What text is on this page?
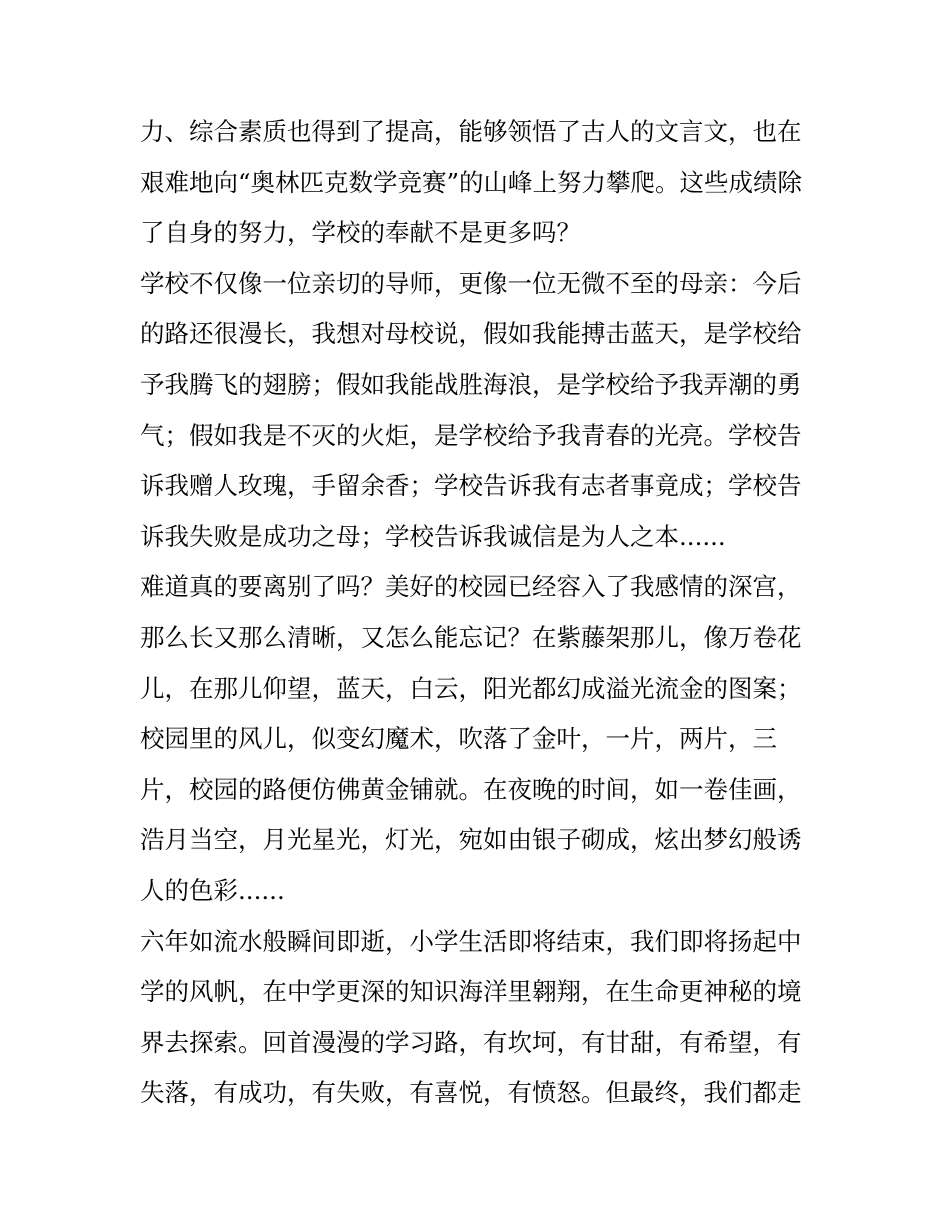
力、综合素质也得到了提高，能够领悟了古人的文言文，也在
艰难地向“奥林匹克数学竞赛”的山峰上努力攀爬。这些成绩除
了自身的努力，学校的奉献不是更多吗？
学校不仅像一位亲切的导师，更像一位无微不至的母亲：今后
的路还很漫长，我想对母校说，假如我能搏击蓝天，是学校给
予我腾飞的翅膀；假如我能战胜海浪，是学校给予我弄潮的勇
气；假如我是不灭的火炬，是学校给予我青春的光亮。学校告
诉我赠人玫瑰，手留余香；学校告诉我有志者事竟成；学校告
诉我失败是成功之母；学校告诉我诚信是为人之本......
难道真的要离别了吗？美好的校园已经容入了我感情的深宫，
那么长又那么清晰，又怎么能忘记？在紫藤架那儿，像万卷花
儿，在那儿仰望，蓝天，白云，阳光都幻成溢光流金的图案；
校园里的风儿，似变幻魔术，吹落了金叶，一片，两片，三
片，校园的路便仿佛黄金铺就。在夜晚的时间，如一卷佳画，
浩月当空，月光星光，灯光，宛如由银子砌成，炫出梦幻般诱
人的色彩......
六年如流水般瞬间即逝，小学生活即将结束，我们即将扬起中
学的风帆，在中学更深的知识海洋里翱翔，在生命更神秘的境
界去探索。回首漫漫的学习路，有坎坷，有甘甜，有希望，有
失落，有成功，有失败，有喜悦，有愤怒。但最终，我们都走
